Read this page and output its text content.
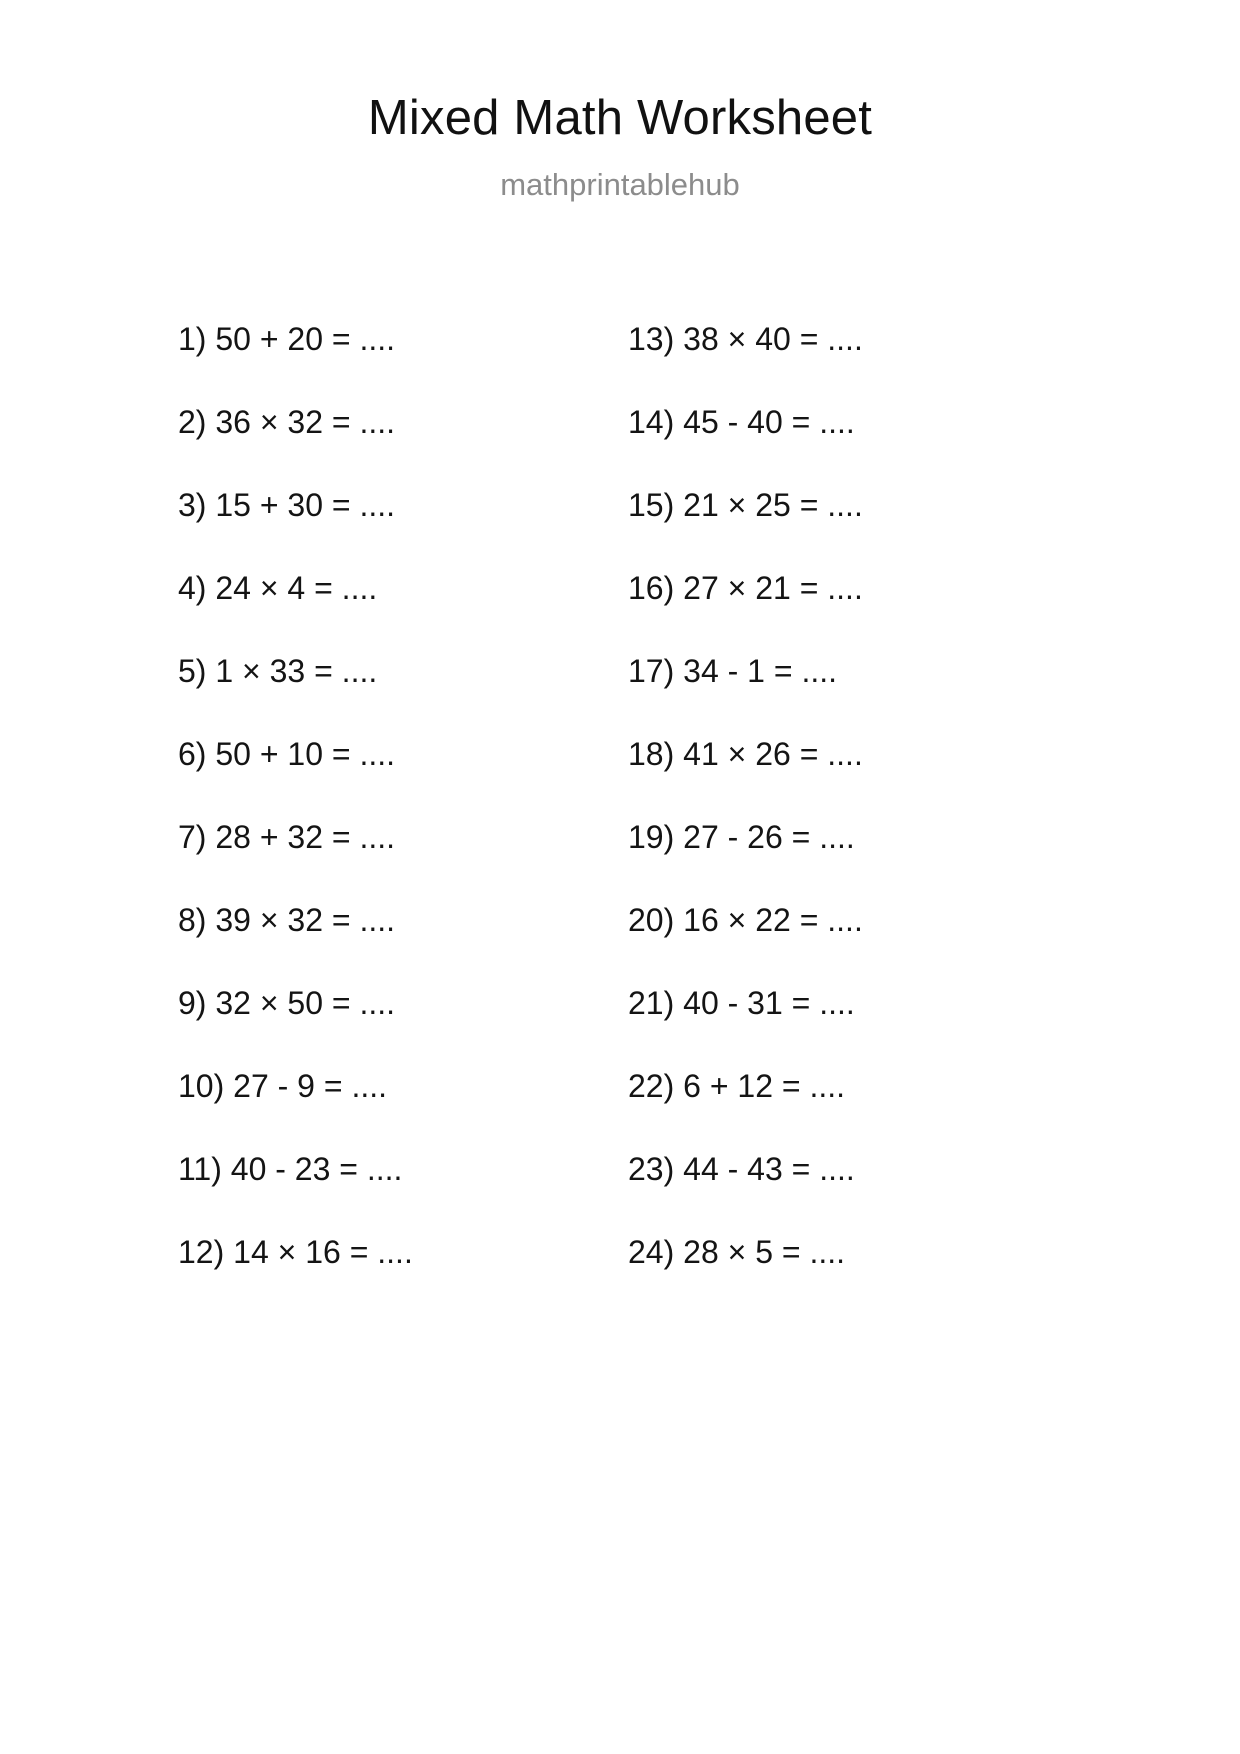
Mixed Math Worksheet
mathprintablehub
1) 50 + 20 = ....
2) 36 × 32 = ....
3) 15 + 30 = ....
4) 24 × 4 = ....
5) 1 × 33 = ....
6) 50 + 10 = ....
7) 28 + 32 = ....
8) 39 × 32 = ....
9) 32 × 50 = ....
10) 27 - 9 = ....
11) 40 - 23 = ....
12) 14 × 16 = ....
13) 38 × 40 = ....
14) 45 - 40 = ....
15) 21 × 25 = ....
16) 27 × 21 = ....
17) 34 - 1 = ....
18) 41 × 26 = ....
19) 27 - 26 = ....
20) 16 × 22 = ....
21) 40 - 31 = ....
22) 6 + 12 = ....
23) 44 - 43 = ....
24) 28 × 5 = ....
